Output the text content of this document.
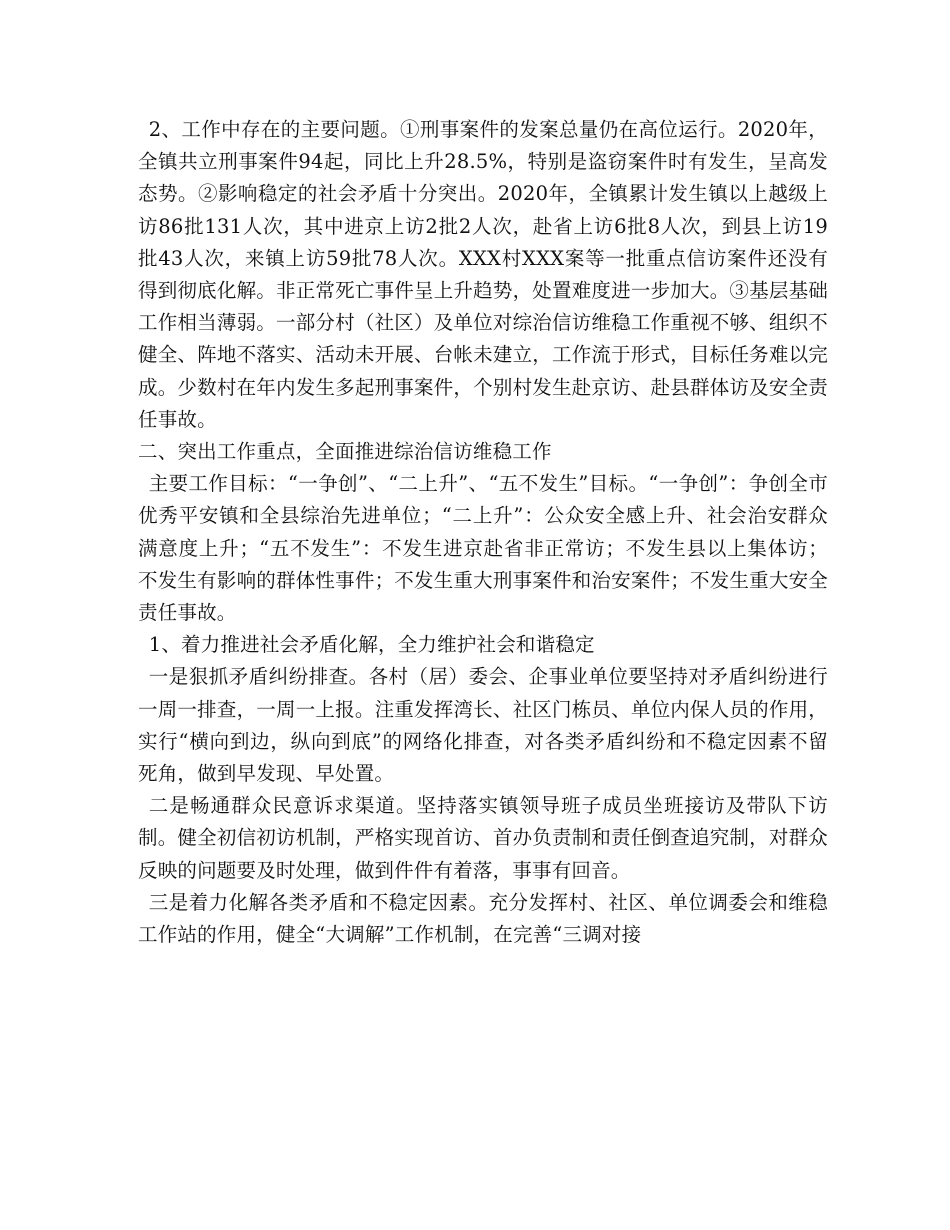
2、工作中存在的主要问题。①刑事案件的发案总量仍在高位运行。2020年，全镇共立刑事案件94起，同比上升28.5%，特别是盗窃案件时有发生，呈高发态势。②影响稳定的社会矛盾十分突出。2020年，全镇累计发生镇以上越级上访86批131人次，其中进京上访2批2人次，赴省上访6批8人次，到县上访19批43人次，来镇上访59批78人次。XXX村XXX案等一批重点信访案件还没有得到彻底化解。非正常死亡事件呈上升趋势，处置难度进一步加大。③基层基础工作相当薄弱。一部分村（社区）及单位对综治信访维稳工作重视不够、组织不健全、阵地不落实、活动未开展、台帐未建立，工作流于形式，目标任务难以完成。少数村在年内发生多起刑事案件，个别村发生赴京访、赴县群体访及安全责任事故。

二、突出工作重点，全面推进综治信访维稳工作

主要工作目标：“一争创”、“二上升”、“五不发生”目标。“一争创”：争创全市优秀平安镇和全县综治先进单位；“二上升”：公众安全感上升、社会治安群众满意度上升；“五不发生”：不发生进京赴省非正常访；不发生县以上集体访；不发生有影响的群体性事件；不发生重大刑事案件和治安案件；不发生重大安全责任事故。

1、着力推进社会矛盾化解，全力维护社会和谐稳定

一是狠抓矛盾纠纷排查。各村（居）委会、企事业单位要坚持对矛盾纠纷进行一周一排查，一周一上报。注重发挥湾长、社区门栋员、单位内保人员的作用，实行“横向到边，纵向到底”的网络化排查，对各类矛盾纠纷和不稳定因素不留死角，做到早发现、早处置。

二是畅通群众民意诉求渠道。坚持落实镇领导班子成员坐班接访及带队下访制。健全初信初访机制，严格实现首访、首办负责制和责任倒查追究制，对群众反映的问题要及时处理，做到件件有着落，事事有回音。

三是着力化解各类矛盾和不稳定因素。充分发挥村、社区、单位调委会和维稳工作站的作用，健全“大调解”工作机制，在完善“三调对接
